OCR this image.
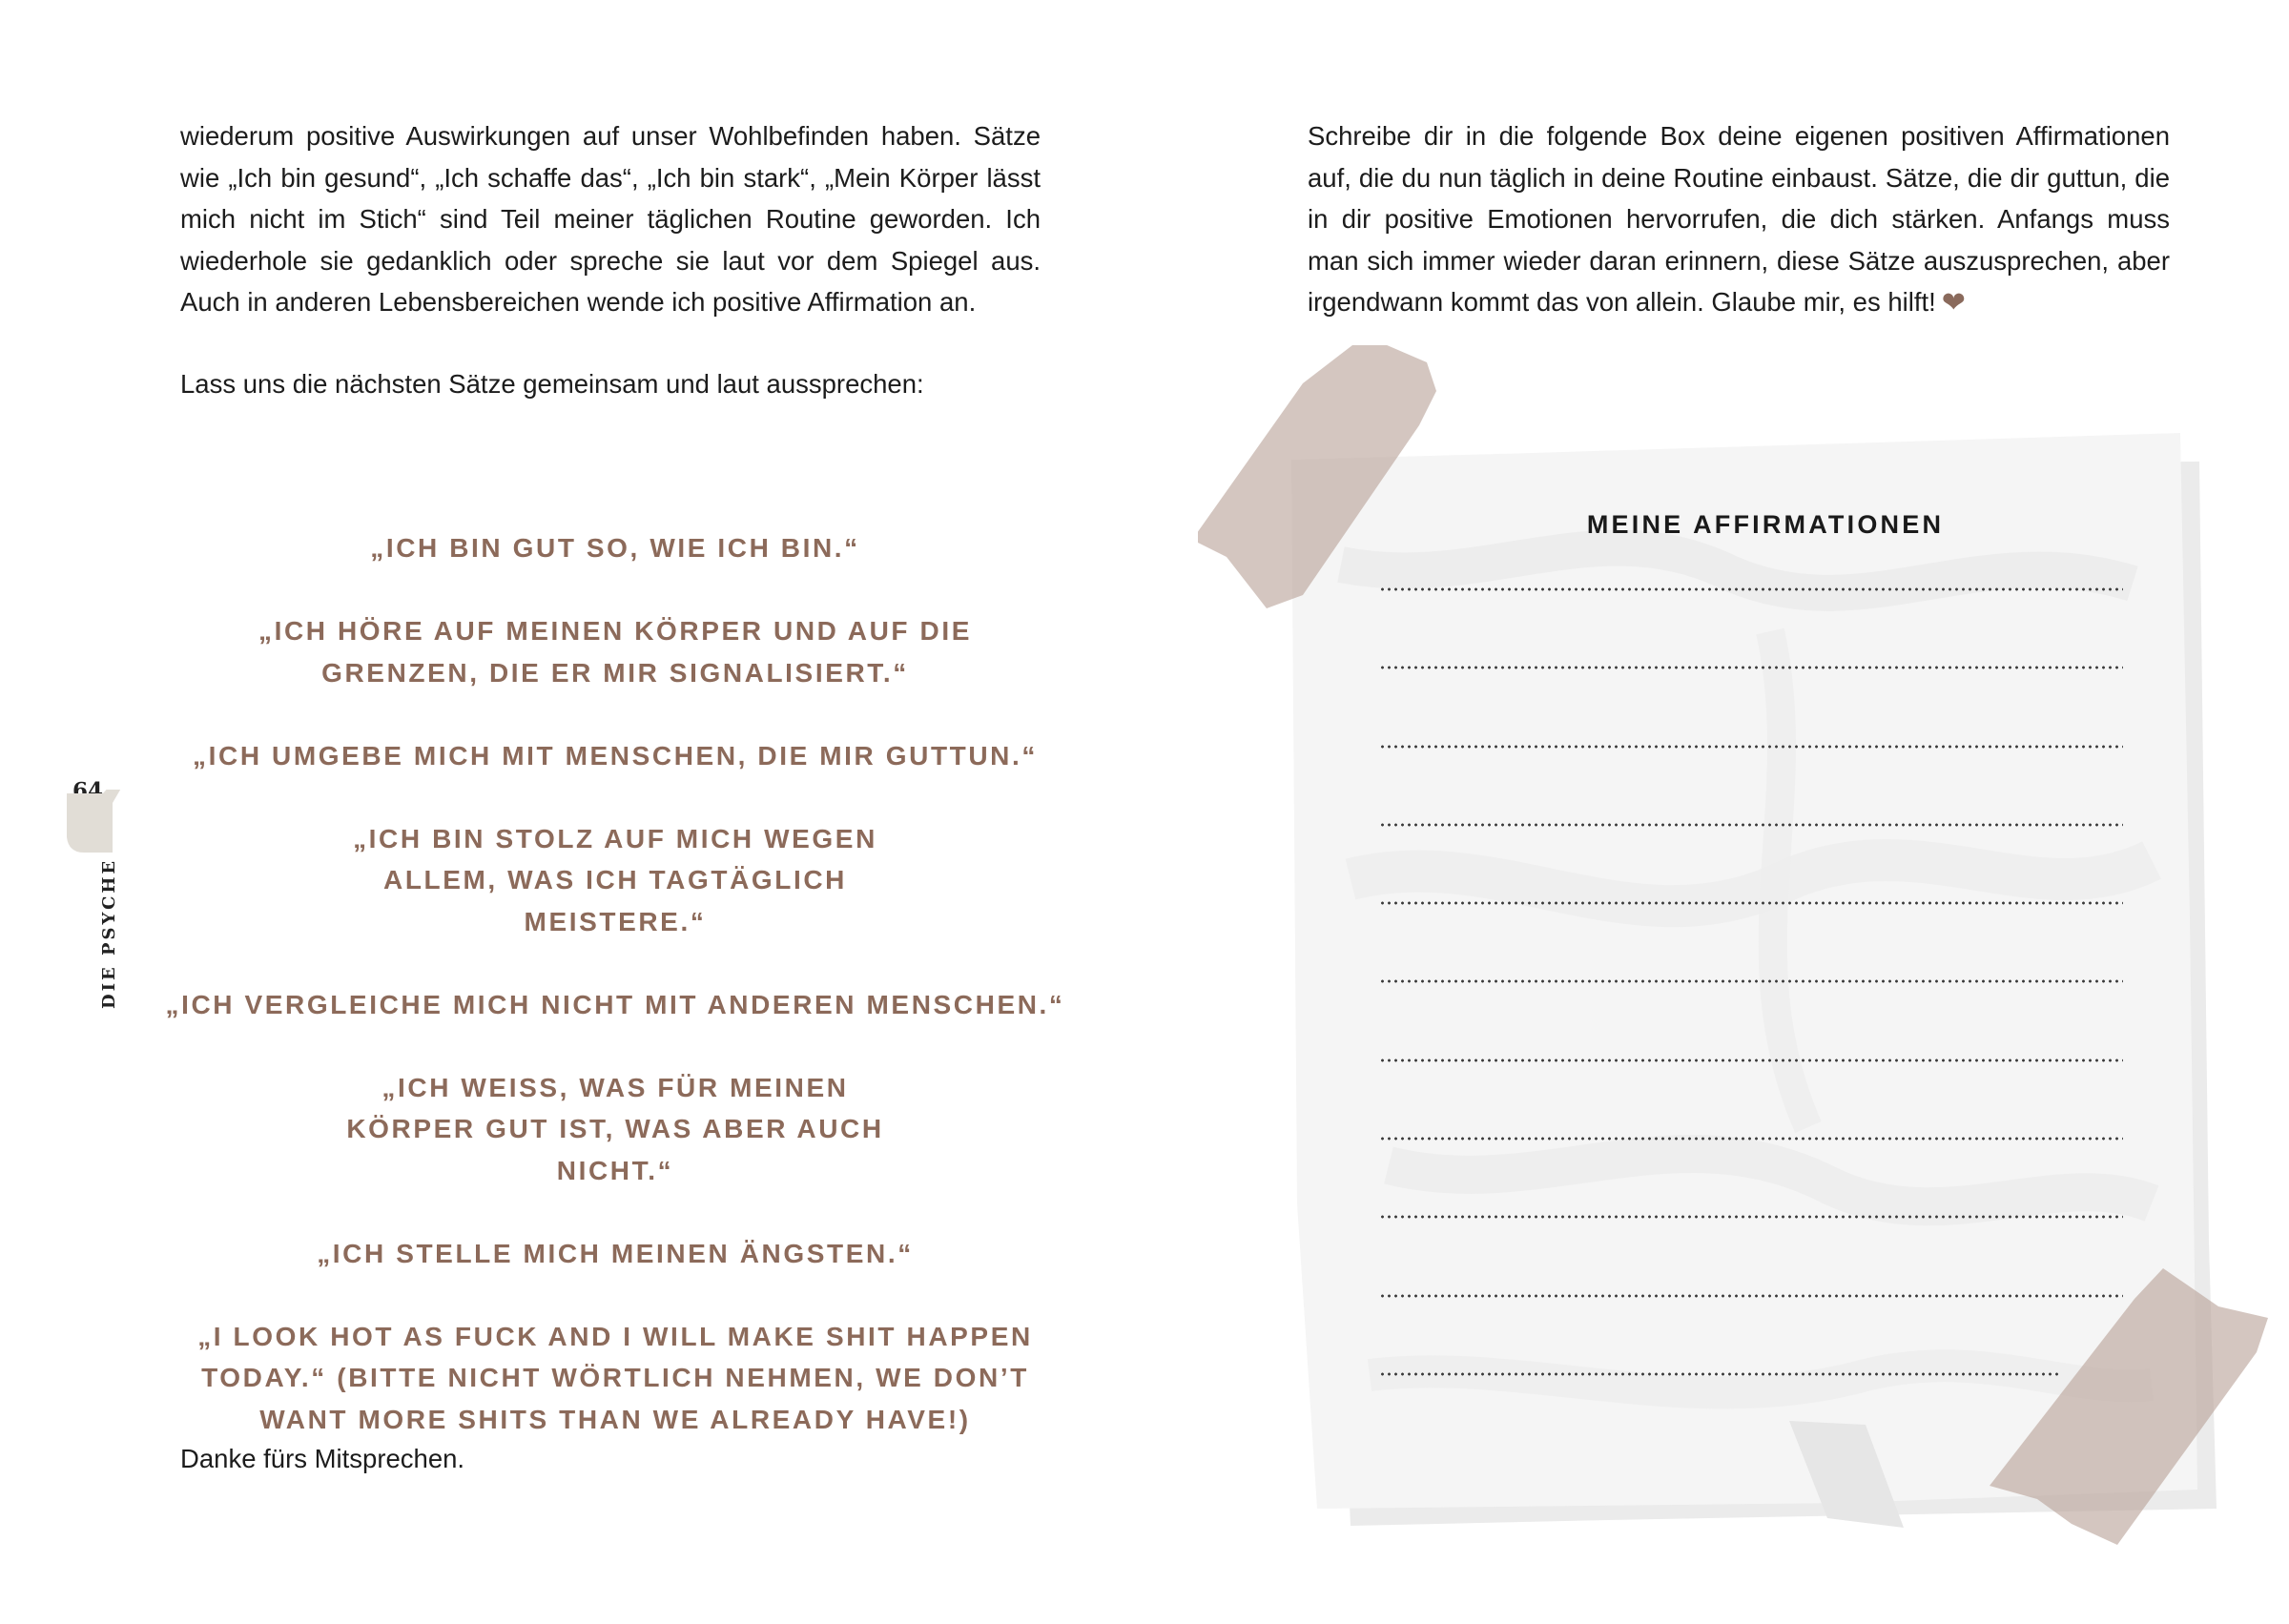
wiederum positive Auswirkungen auf unser Wohlbefinden haben. Sätze wie „Ich bin gesund“, „Ich schaffe das“, „Ich bin stark“, „Mein Körper lässt mich nicht im Stich“ sind Teil meiner täglichen Routine geworden. Ich wiederhole sie gedanklich oder spreche sie laut vor dem Spiegel aus. Auch in anderen Lebensbereichen wende ich positive Affirmation an.

Lass uns die nächsten Sätze gemeinsam und laut aussprechen:

„ICH BIN GUT SO, WIE ICH BIN.“
„ICH HÖRE AUF MEINEN KÖRPER UND AUF DIE GRENZEN, DIE ER MIR SIGNALISIERT.“
„ICH UMGEBE MICH MIT MENSCHEN, DIE MIR GUTTUN.“
„ICH BIN STOLZ AUF MICH WEGEN ALLEM, WAS ICH TAGTÄGLICH MEISTERE.“
„ICH VERGLEICHE MICH NICHT MIT ANDEREN MENSCHEN.“
„ICH WEISS, WAS FÜR MEINEN KÖRPER GUT IST, WAS ABER AUCH NICHT.“
„ICH STELLE MICH MEINEN ÄNGSTEN.“
„I LOOK HOT AS FUCK AND I WILL MAKE SHIT HAPPEN TODAY.“ (BITTE NICHT WÖRTLICH NEHMEN, WE DON’T WANT MORE SHITS THAN WE ALREADY HAVE!)

Danke fürs Mitsprechen.

64
DIE PSYCHE

Schreibe dir in die folgende Box deine eigenen positiven Affirmationen auf, die du nun täglich in deine Routine einbaust. Sätze, die dir guttun, die in dir positive Emotionen hervorrufen, die dich stärken. Anfangs muss man sich immer wieder daran erinnern, diese Sätze auszusprechen, aber irgendwann kommt das von allein. Glaube mir, es hilft! ❤

MEINE AFFIRMATIONEN
